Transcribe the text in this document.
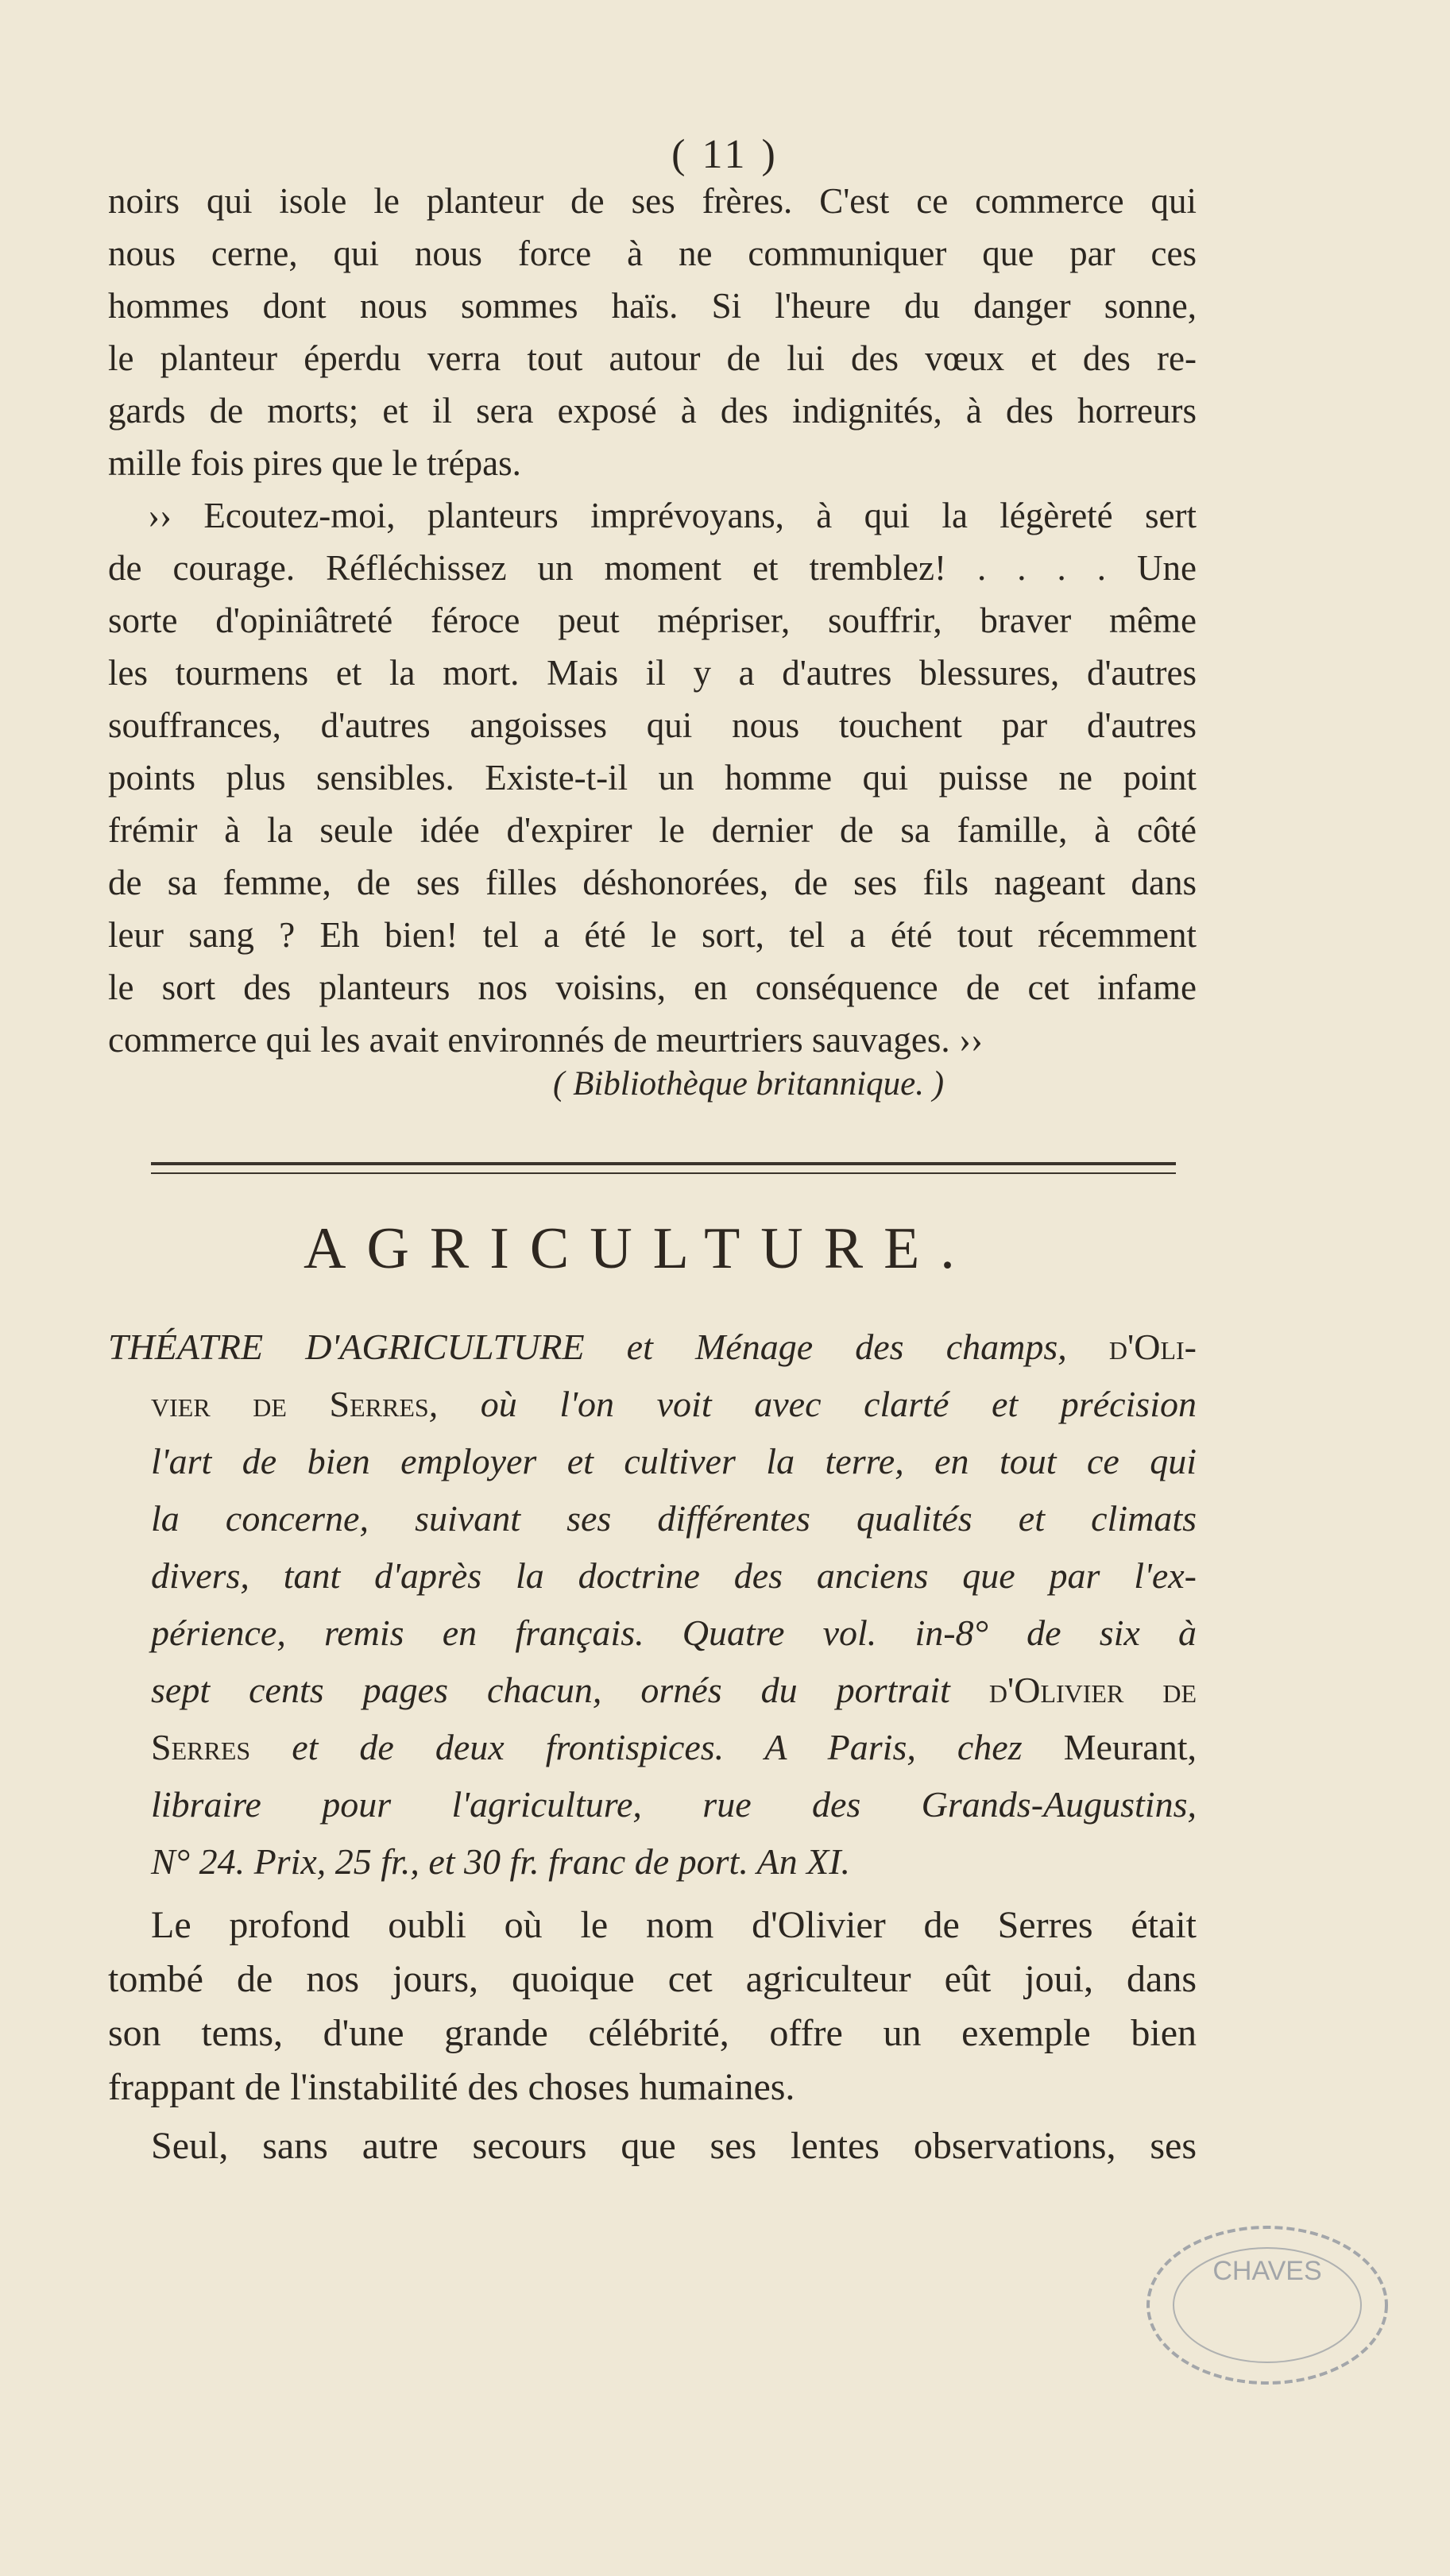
( 11 )
noirs qui isole le planteur de ses frères. C'est ce commerce qui
nous cerne, qui nous force à ne communiquer que par ces
hommes dont nous sommes haïs. Si l'heure du danger sonne,
le planteur éperdu verra tout autour de lui des vœux et des re-
gards de morts; et il sera exposé à des indignités, à des horreurs
mille fois pires que le trépas.
›› Ecoutez-moi, planteurs imprévoyans, à qui la légèreté sert
de courage. Réfléchissez un moment et tremblez! . . . . Une
sorte d'opiniâtreté féroce peut mépriser, souffrir, braver même
les tourmens et la mort. Mais il y a d'autres blessures, d'autres
souffrances, d'autres angoisses qui nous touchent par d'autres
points plus sensibles. Existe-t-il un homme qui puisse ne point
frémir à la seule idée d'expirer le dernier de sa famille, à côté
de sa femme, de ses filles déshonorées, de ses fils nageant dans
leur sang ? Eh bien! tel a été le sort, tel a été tout récemment
le sort des planteurs nos voisins, en conséquence de cet infame
commerce qui les avait environnés de meurtriers sauvages. ››
( Bibliothèque britannique. )
AGRICULTURE.
THÉATRE D'AGRICULTURE et Ménage des champs, d'Oli-
vier de Serres, où l'on voit avec clarté et précision
l'art de bien employer et cultiver la terre, en tout ce qui
la concerne, suivant ses différentes qualités et climats
divers, tant d'après la doctrine des anciens que par l'ex-
périence, remis en français. Quatre vol. in-8° de six à
sept cents pages chacun, ornés du portrait d'Olivier de
Serres et de deux frontispices. A Paris, chez Meurant,
libraire pour l'agriculture, rue des Grands-Augustins,
N° 24. Prix, 25 fr., et 30 fr. franc de port. An XI.
Le profond oubli où le nom d'Olivier de Serres était
tombé de nos jours, quoique cet agriculteur eût joui, dans
son tems, d'une grande célébrité, offre un exemple bien
frappant de l'instabilité des choses humaines.
Seul, sans autre secours que ses lentes observations, ses
CHAVES
